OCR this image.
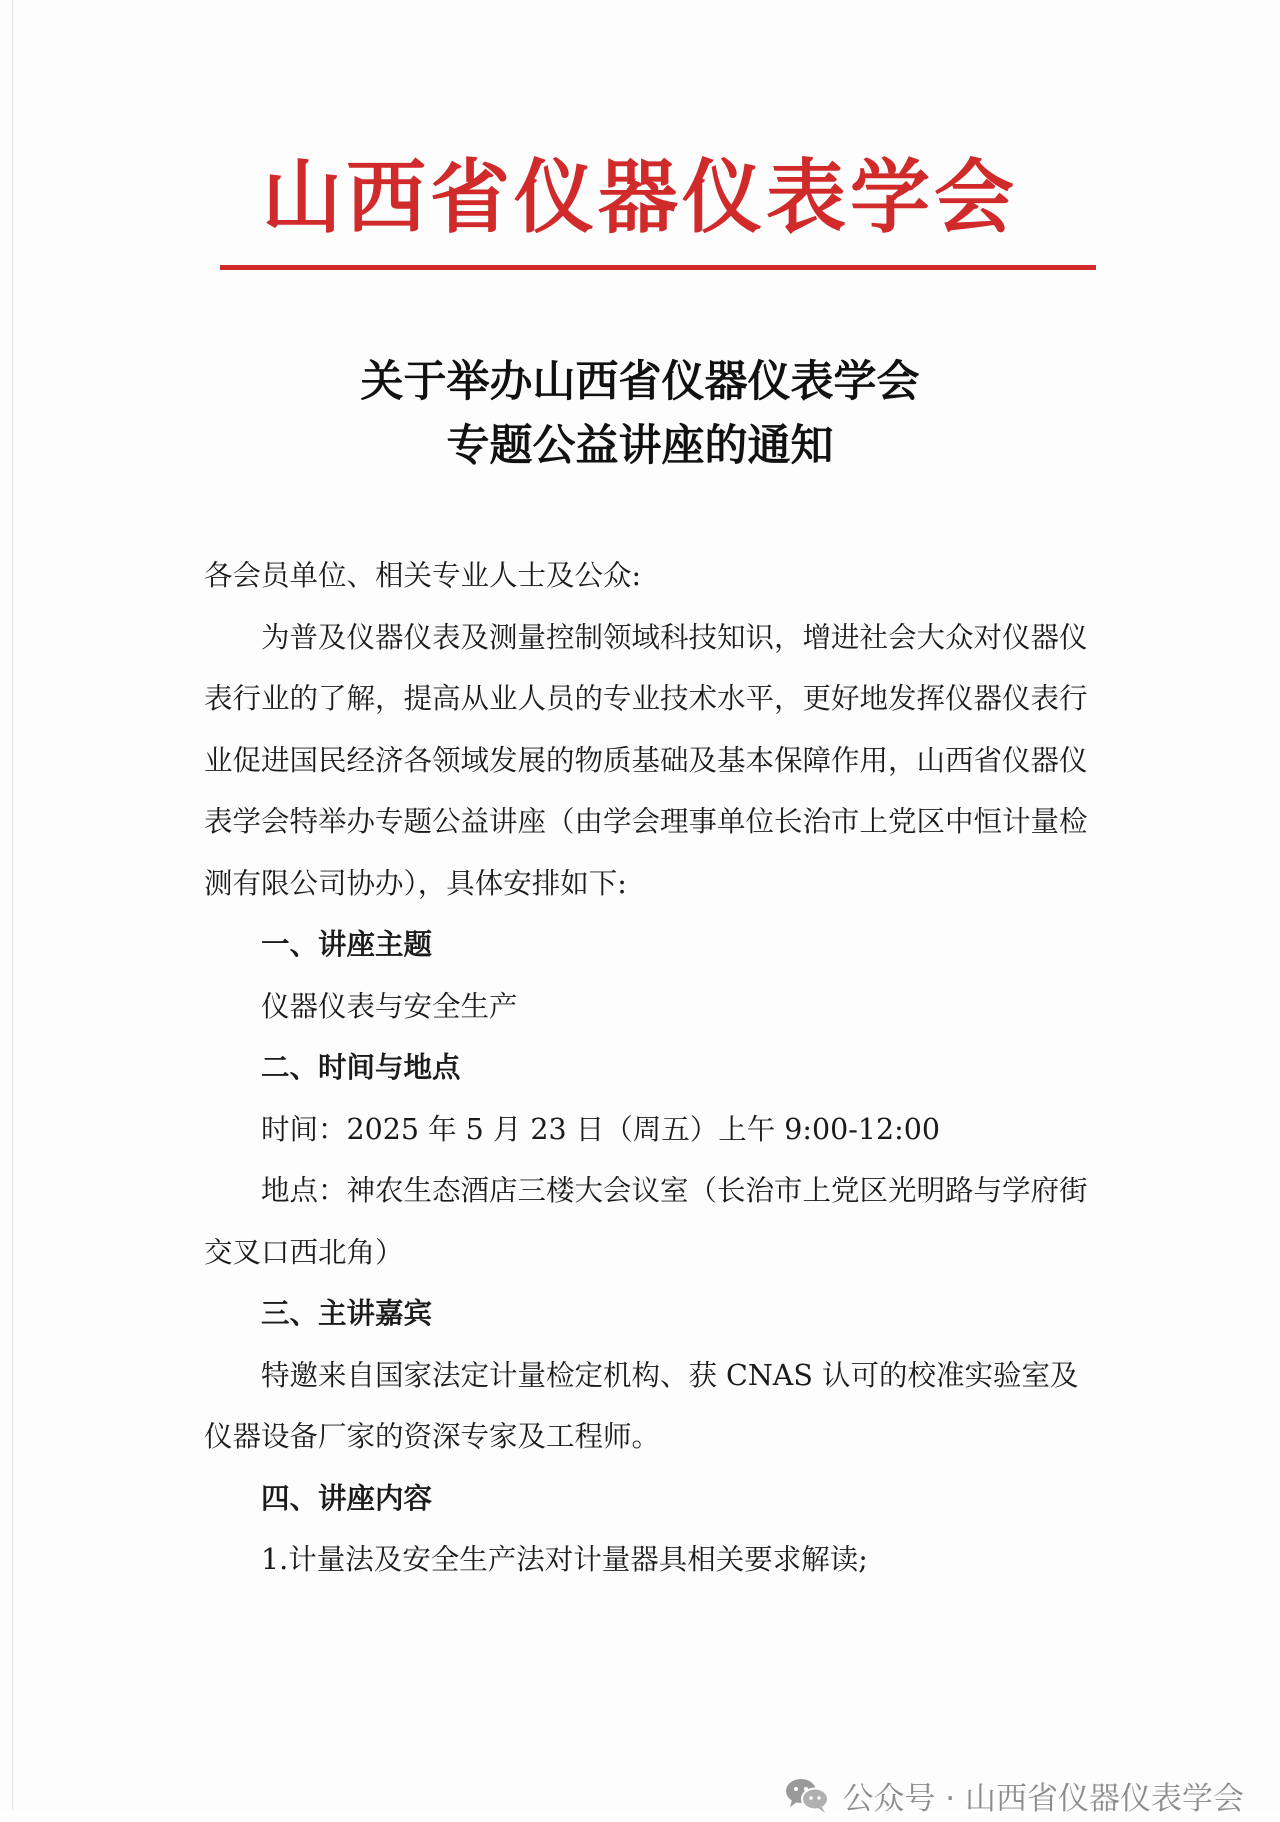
山西省仪器仪表学会
关于举办山西省仪器仪表学会
专题公益讲座的通知

各会员单位、相关专业人士及公众:

为普及仪器仪表及测量控制领域科技知识，增进社会大众对仪器仪表行业的了解，提高从业人员的专业技术水平，更好地发挥仪器仪表行业促进国民经济各领域发展的物质基础及基本保障作用，山西省仪器仪表学会特举办专题公益讲座（由学会理事单位长治市上党区中恒计量检测有限公司协办），具体安排如下:

一、讲座主题

仪器仪表与安全生产

二、时间与地点

时间：2025 年 5 月 23 日（周五）上午 9:00-12:00

地点：神农生态酒店三楼大会议室（长治市上党区光明路与学府街交叉口西北角）

三、主讲嘉宾

特邀来自国家法定计量检定机构、获 CNAS 认可的校准实验室及仪器设备厂家的资深专家及工程师。

四、讲座内容

1.计量法及安全生产法对计量器具相关要求解读;

公众号 · 山西省仪器仪表学会
